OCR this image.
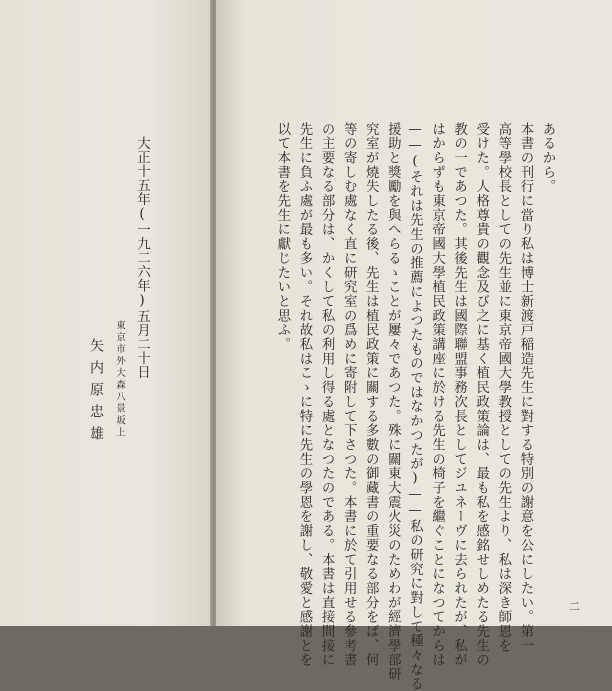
大正十五年(一九二六年)五月二十日
東京市外大森八景坂上
矢内原忠雄
あるから。
本書の刊行に當り私は博士新渡戸稲造先生に對する特別の謝意を公にしたい。第一
高等學校長としての先生並に東京帝國大學教授としての先生より、私は深き師恩を
受けた。人格尊貴の觀念及び之に基く植民政策論は、最も私を感銘せしめたる先生の
教の一であつた。其後先生は國際聯盟事務次長としてジユネーヴに去られたが、私が
はからずも東京帝國大學植民政策講座に於ける先生の椅子を繼ぐことになつてからは
——(それは先生の推薦によつたものではなかつたが)——私の研究に對して種々なる
援助と獎勵を與へらるゝことが屢々であつた。殊に關東大震火災のためわが經濟學部研
究室が燒失したる後、先生は植民政策に關する多數の御藏書の重要なる部分をば、何
等の寄しむ處なく直に研究室の爲めに寄附して下さつた。本書に於て引用せる參考書
の主要なる部分は、かくして私の利用し得る處となつたのである。本書は直接間接に
先生に負ふ處が最も多い。それ故私はこゝに特に先生の學恩を謝し、敬愛と感謝とを
以て本書を先生に獻じたいと思ふ。
二
